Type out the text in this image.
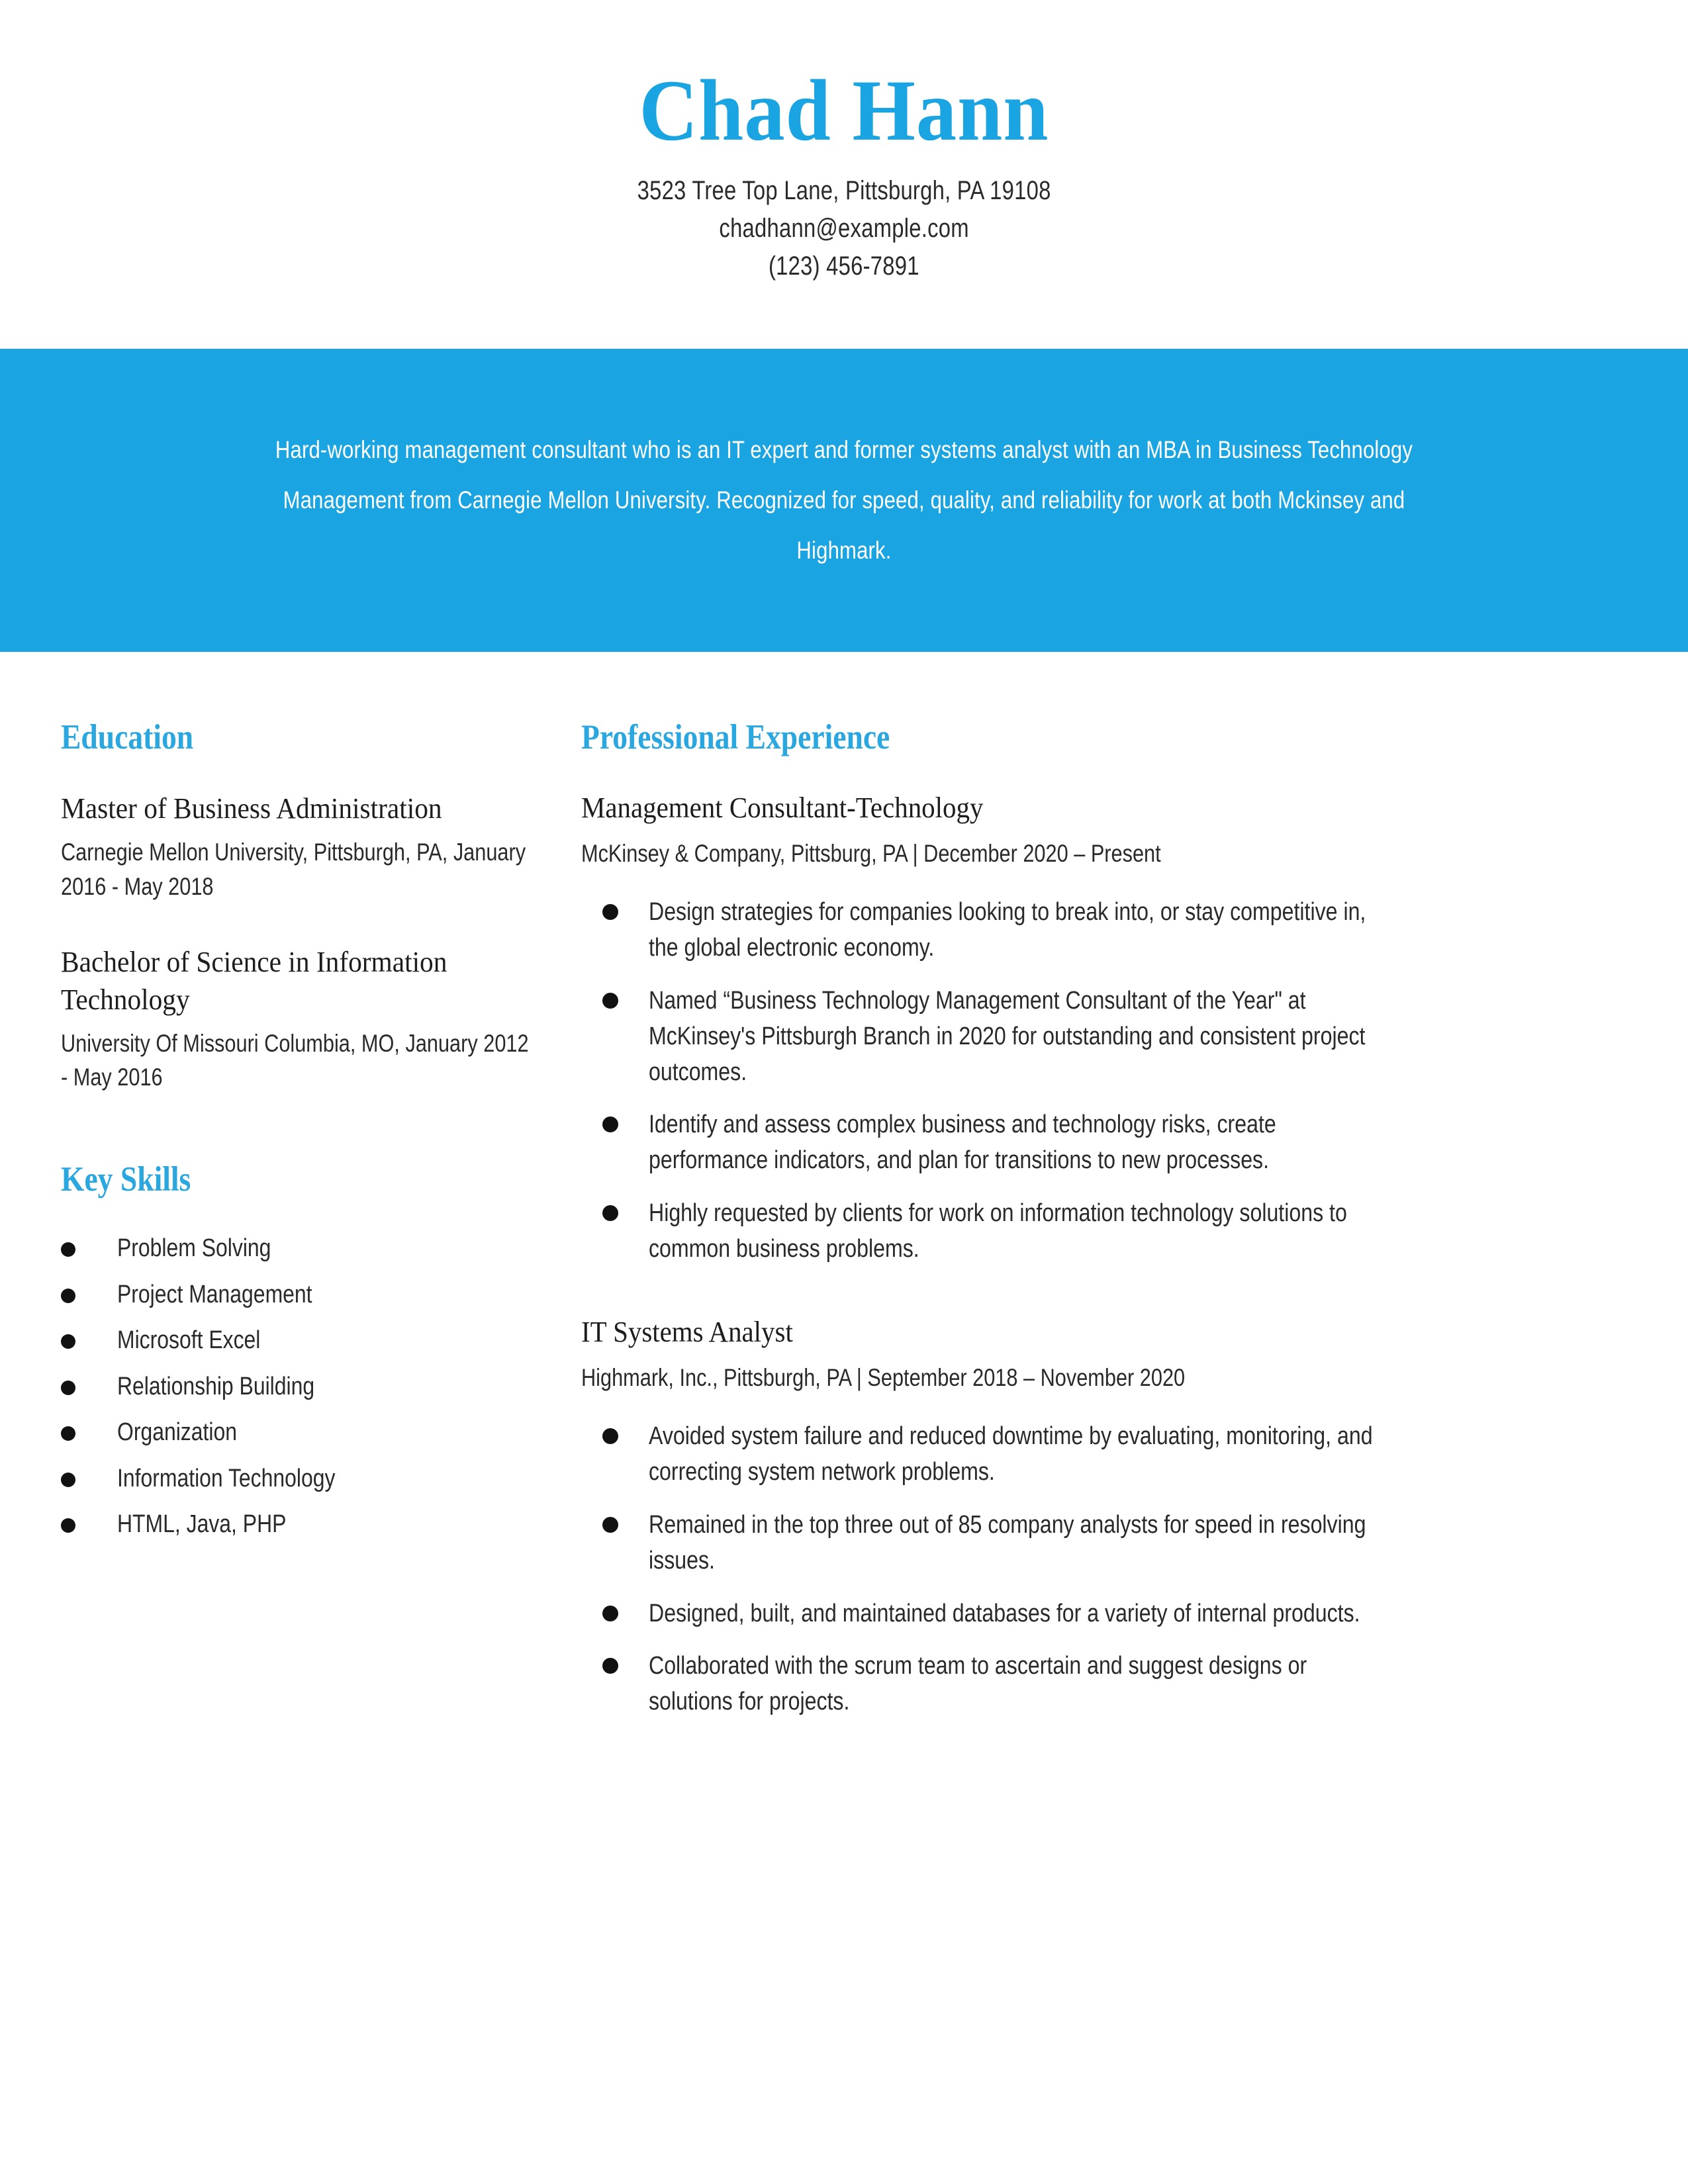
Chad Hann
3523 Tree Top Lane, Pittsburgh, PA 19108
chadhann@example.com
(123) 456-7891
Hard-working management consultant who is an IT expert and former systems analyst with an MBA in Business Technology Management from Carnegie Mellon University. Recognized for speed, quality, and reliability for work at both Mckinsey and Highmark.
Education
Master of Business Administration
Carnegie Mellon University, Pittsburgh, PA, January 2016 - May 2018
Bachelor of Science in Information Technology
University Of Missouri Columbia, MO, January 2012 - May 2016
Key Skills
Problem Solving
Project Management
Microsoft Excel
Relationship Building
Organization
Information Technology
HTML, Java, PHP
Professional Experience
Management Consultant-Technology
McKinsey & Company, Pittsburg, PA | December 2020 – Present
Design strategies for companies looking to break into, or stay competitive in, the global electronic economy.
Named “Business Technology Management Consultant of the Year" at McKinsey's Pittsburgh Branch in 2020 for outstanding and consistent project outcomes.
Identify and assess complex business and technology risks, create performance indicators, and plan for transitions to new processes.
Highly requested by clients for work on information technology solutions to common business problems.
IT Systems Analyst
Highmark, Inc., Pittsburgh, PA | September 2018 – November 2020
Avoided system failure and reduced downtime by evaluating, monitoring, and correcting system network problems.
Remained in the top three out of 85 company analysts for speed in resolving issues.
Designed, built, and maintained databases for a variety of internal products.
Collaborated with the scrum team to ascertain and suggest designs or solutions for projects.
